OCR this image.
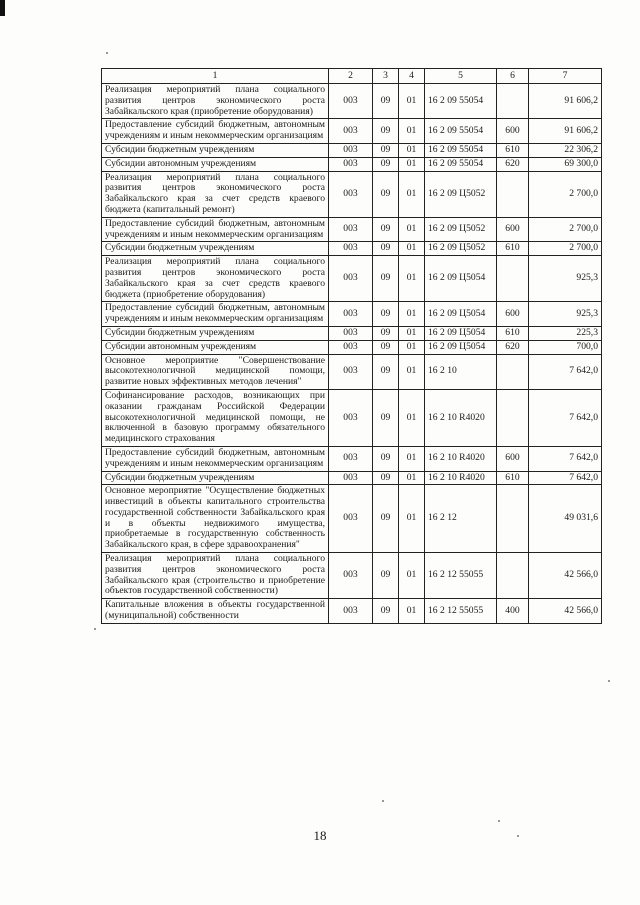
1	2	3	4	5	6	7
Реализация мероприятий плана социального развития центров экономического роста Забайкальского края (приобретение оборудования)	003	09	01	16 2 09 55054		91 606,2
Предоставление субсидий бюджетным, автономным учреждениям и иным некоммерческим организациям	003	09	01	16 2 09 55054	600	91 606,2
Субсидии бюджетным учреждениям	003	09	01	16 2 09 55054	610	22 306,2
Субсидии автономным учреждениям	003	09	01	16 2 09 55054	620	69 300,0
Реализация мероприятий плана социального развития центров экономического роста Забайкальского края за счет средств краевого бюджета (капитальный ремонт)	003	09	01	16 2 09 Ц5052		2 700,0
Предоставление субсидий бюджетным, автономным учреждениям и иным некоммерческим организациям	003	09	01	16 2 09 Ц5052	600	2 700,0
Субсидии бюджетным учреждениям	003	09	01	16 2 09 Ц5052	610	2 700,0
Реализация мероприятий плана социального развития центров экономического роста Забайкальского края за счет средств краевого бюджета (приобретение оборудования)	003	09	01	16 2 09 Ц5054		925,3
Предоставление субсидий бюджетным, автономным учреждениям и иным некоммерческим организациям	003	09	01	16 2 09 Ц5054	600	925,3
Субсидии бюджетным учреждениям	003	09	01	16 2 09 Ц5054	610	225,3
Субсидии автономным учреждениям	003	09	01	16 2 09 Ц5054	620	700,0
Основное мероприятие "Совершенствование высокотехнологичной медицинской помощи, развитие новых эффективных методов лечения"	003	09	01	16 2 10		7 642,0
Софинансирование расходов, возникающих при оказании гражданам Российской Федерации высокотехнологичной медицинской помощи, не включенной в базовую программу обязательного медицинского страхования	003	09	01	16 2 10 R4020		7 642,0
Предоставление субсидий бюджетным, автономным учреждениям и иным некоммерческим организациям	003	09	01	16 2 10 R4020	600	7 642,0
Субсидии бюджетным учреждениям	003	09	01	16 2 10 R4020	610	7 642,0
Основное мероприятие "Осуществление бюджетных инвестиций в объекты капитального строительства государственной собственности Забайкальского края и в объекты недвижимого имущества, приобретаемые в государственную собственность Забайкальского края, в сфере здравоохранения"	003	09	01	16 2 12		49 031,6
Реализация мероприятий плана социального развития центров экономического роста Забайкальского края (строительство и приобретение объектов государственной собственности)	003	09	01	16 2 12 55055		42 566,0
Капитальные вложения в объекты государственной (муниципальной) собственности	003	09	01	16 2 12 55055	400	42 566,0
18
